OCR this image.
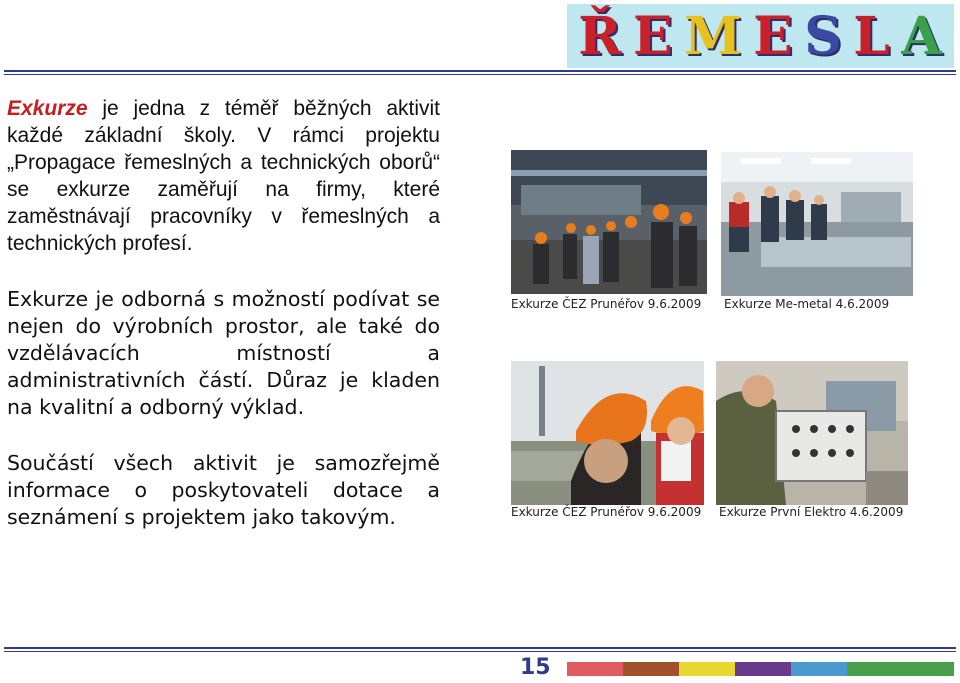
Ř E M E S L A

Exkurze je jedna z téměř běžných aktivit každé základní školy. V rámci projektu „Propagace řemeslných a technických oborů“ se exkurze zaměřují na firmy, které zaměstnávají pracovníky v řemeslných a technických profesí.

Exkurze je odborná s možností podívat se nejen do výrobních prostor, ale také do vzdělávacích místností a administrativních částí. Důraz je kladen na kvalitní a odborný výklad.

Součástí všech aktivit je samozřejmě informace o poskytovateli dotace a seznámení s projektem jako takovým.

Exkurze ČEZ Prunéřov 9.6.2009 Exkurze Me-metal 4.6.2009
Exkurze ČEZ Prunéřov 9.6.2009 Exkurze První Elektro 4.6.2009
15
